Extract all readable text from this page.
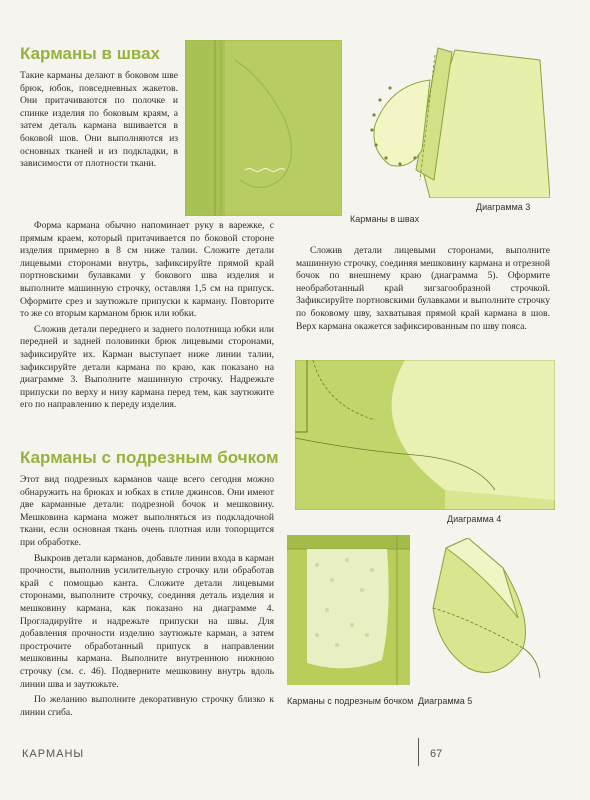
Карманы в швах
Диаграмма 3
Карманы в швах

Такие карманы делают в боковом шве брюк, юбок, повседневных жакетов. Они притачиваются по полочке и спинке изделия по боковым краям, а затем деталь кармана вшивается в боковой шов. Они выполняются из основных тканей и из подкладки, в зависимости от плотности ткани.

Форма кармана обычно напоминает руку в варежке, с прямым краем, который притачивается по боковой стороне изделия примерно в 8 см ниже талии. Сложите детали лицевыми сторонами внутрь, зафиксируйте прямой край портновскими булавками у бокового шва изделия и выполните машинную строчку, оставляя 1,5 см на припуск. Оформите срез и заутюжьте припуски к карману. Повторите то же со вторым карманом брюк или юбки.

Сложив детали переднего и заднего полотнища юбки или передней и задней половинки брюк лицевыми сторонами, зафиксируйте их. Карман выступает ниже линии талии, зафиксируйте детали кармана по краю, как показано на диаграмме 3. Выполните машинную строчку. Надрежьте припуски по верху и низу кармана перед тем, как заутюжите его по направлению к переду изделия.

Сложив детали лицевыми сторонами, выполните машинную строчку, соединяя мешковину кармана и отрезной бочок по внешнему краю (диаграмма 5). Оформите необработанный край зигзагообразной строчкой. Зафиксируйте портновскими булавками и выполните строчку по боковому шву, захватывая прямой край кармана в шов. Верх кармана окажется зафиксированным по шву пояса.

Карманы с подрезным бочком

Этот вид подрезных карманов чаще всего сегодня можно обнаружить на брюках и юбках в стиле джинсов. Они имеют две карманные детали: подрезной бочок и мешковину. Мешковина кармана может выполняться из подкладочной ткани, если основная ткань очень плотная или топорщится при обработке.

Выкроив детали карманов, добавьте линии входа в карман прочности, выполнив усилительную строчку или обработав край с помощью канта. Сложите детали лицевыми сторонами, выполните строчку, соединяя деталь изделия и мешковину кармана, как показано на диаграмме 4. Прогладируйте и надрежьте припуски на швы. Для добавления прочности изделию заутюжьте карман, а затем прострочите обработанный припуск в направлении мешковины кармана. Выполните внутреннюю нижнюю строчку (см. с. 46). Подверните мешковину внутрь вдоль линии шва и заутюжьте.

По желанию выполните декоративную строчку близко к линии сгиба.

Диаграмма 4
Карманы с подрезным бочком Диаграмма 5
КАРМАНЫ	67
